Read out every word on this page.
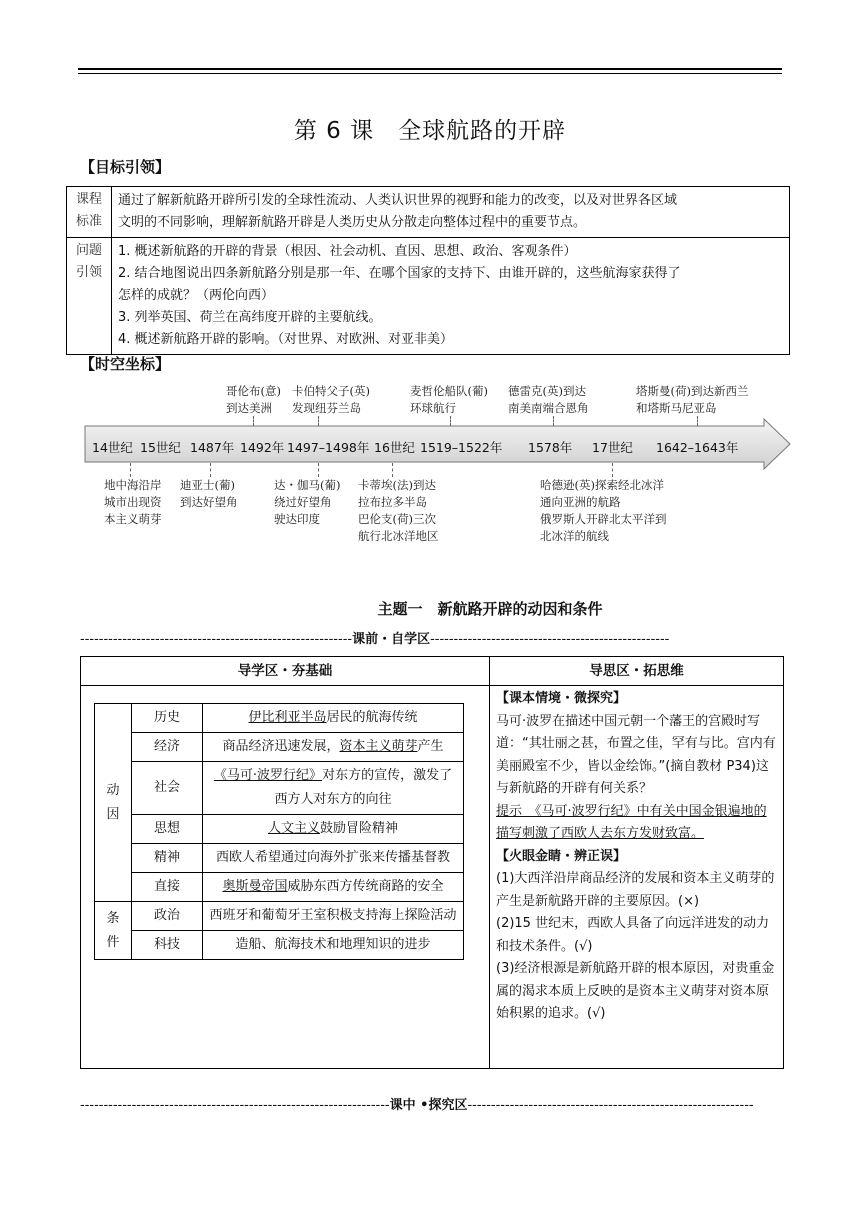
第 6 课　全球航路的开辟
【目标引领】
课程
标准	通过了解新航路开辟所引发的全球性流动、人类认识世界的视野和能力的改变，以及对世界各区域
文明的不同影响，理解新航路开辟是人类历史从分散走向整体过程中的重要节点。

问题
引领	1. 概述新航路的开辟的背景（根因、社会动机、直因、思想、政治、客观条件）
2. 结合地图说出四条新航路分别是那一年、在哪个国家的支持下、由谁开辟的，这些航海家获得了
怎样的成就？（两伦向西）
3. 列举英国、荷兰在高纬度开辟的主要航线。
4. 概述新航路开辟的影响。（对世界、对欧洲、对亚非美）
【时空坐标】
14世纪 15世纪 1487年 1492年 1497–1498年 16世纪 1519–1522年 1578年 17世纪 1642–1643年
哥伦布(意)
到达美洲
卡伯特父子(英)
发现纽芬兰岛
麦哲伦船队(葡)
环球航行
德雷克(英)到达
南美南端合恩角
塔斯曼(荷)到达新西兰
和塔斯马尼亚岛
地中海沿岸
城市出现资
本主义萌芽
迪亚士(葡)
到达好望角
达・伽马(葡)
绕过好望角
驶达印度
卡蒂埃(法)到达
拉布拉多半岛
巴伦支(荷)三次
航行北冰洋地区
哈德逊(英)探索经北冰洋
通向亚洲的航路
俄罗斯人开辟北太平洋到
北冰洋的航线
主题一　新航路开辟的动因和条件
----------------------------------------------------------课前・自学区---------------------------------------------------
导学区・夯基础	导思区・拓思维

动
因
	历史	伊比利亚半岛居民的航海传统
经济	商品经济迅速发展，资本主义萌芽产生
社会	《马可·波罗行纪》对东方的宣传，激发了西方人对东方的向往
思想	人文主义鼓励冒险精神
精神	西欧人希望通过向海外扩张来传播基督教
直接	奥斯曼帝国威胁东西方传统商路的安全

条
件
	政治	西班牙和葡萄牙王室积极支持海上探险活动
科技	造船、航海技术和地理知识的进步

【课本情境・微探究】
马可·波罗在描述中国元朝一个藩王的宫殿时写道：“其壮丽之甚，布置之佳，罕有与比。宫内有美丽殿室不少，皆以金绘饰。”(摘自教材 P34)这与新航路的开辟有何关系？
提示　《马可·波罗行纪》中有关中国金银遍地的描写刺激了西欧人去东方发财致富。
【火眼金睛・辨正误】
(1)大西洋沿岸商品经济的发展和资本主义萌芽的产生是新航路开辟的主要原因。(×)
(2)15 世纪末，西欧人具备了向远洋进发的动力和技术条件。(√)
(3)经济根源是新航路开辟的根本原因，对贵重金属的渴求本质上反映的是资本主义萌芽对资本原始积累的追求。(√)
------------------------------------------------------------------课中 •探究区-------------------------------------------------------------
